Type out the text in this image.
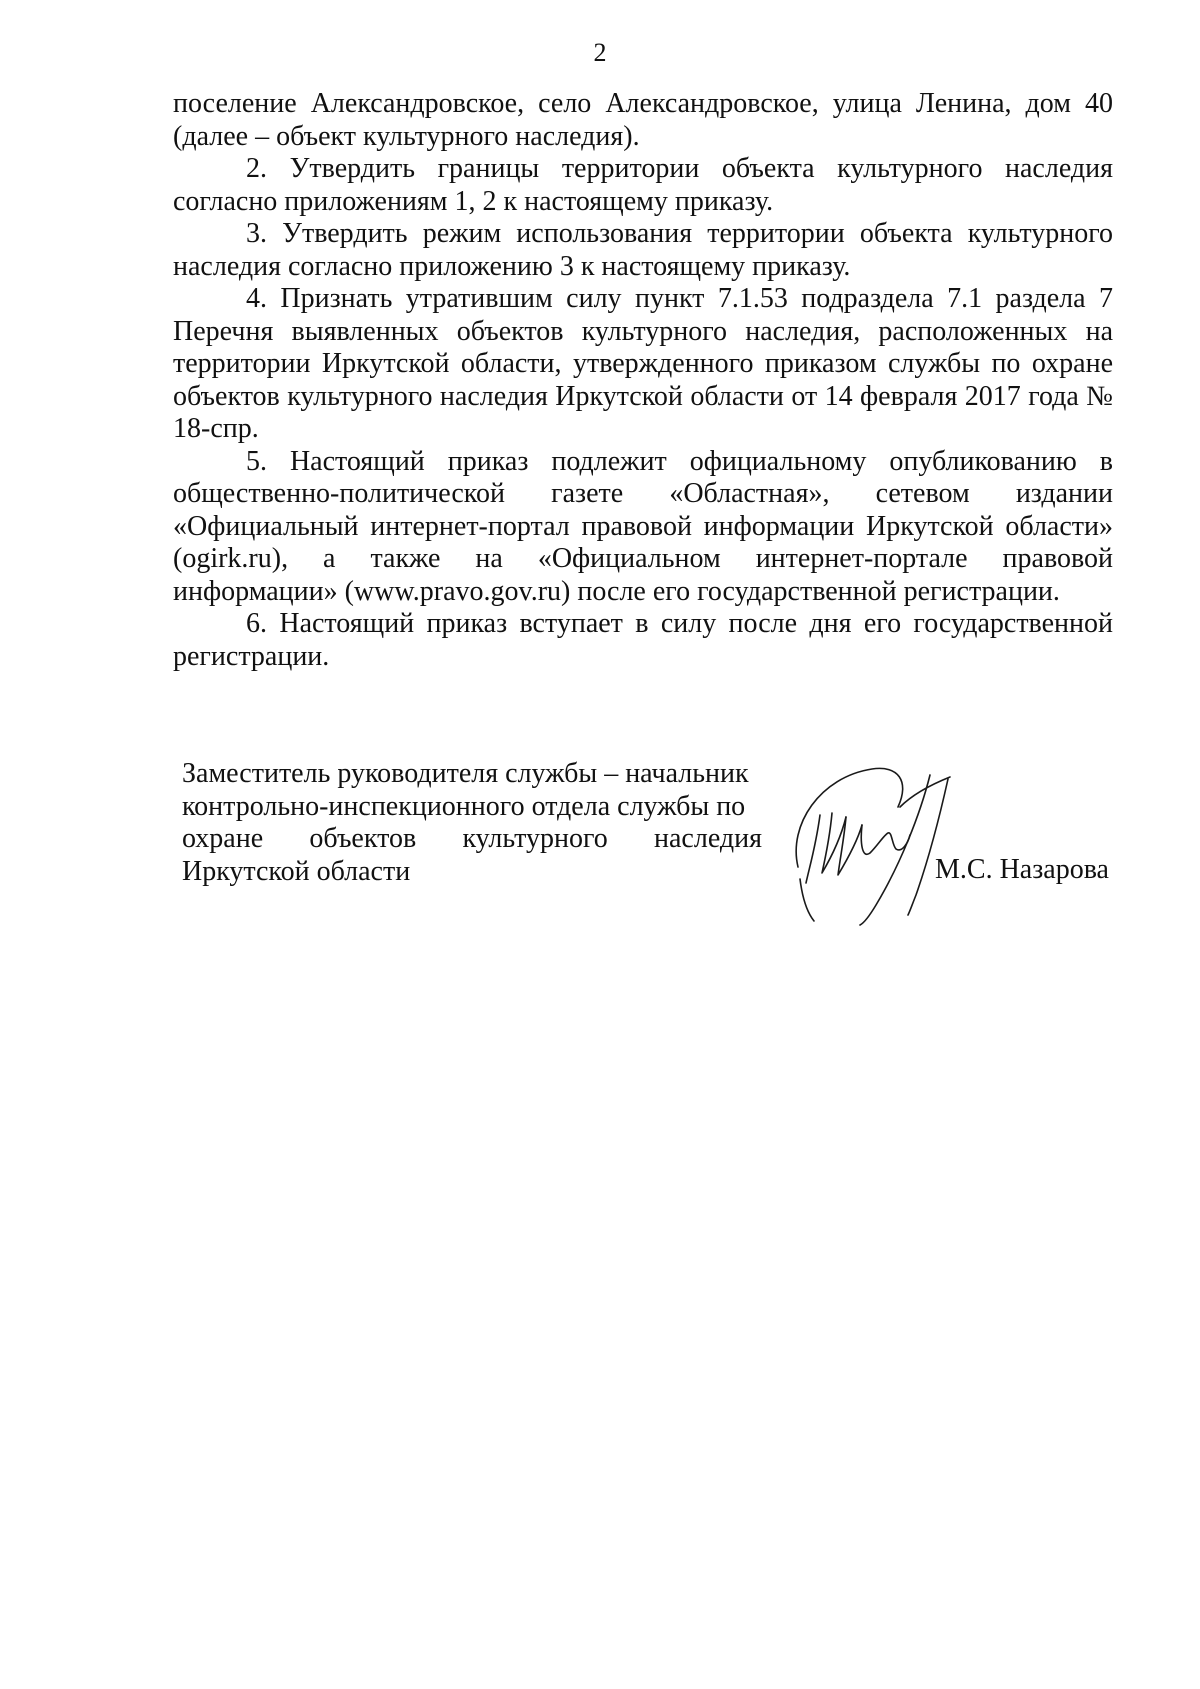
2

поселение Александровское, село Александровское, улица Ленина, дом 40 (далее – объект культурного наследия).

2. Утвердить границы территории объекта культурного наследия согласно приложениям 1, 2 к настоящему приказу.

3. Утвердить режим использования территории объекта культурного наследия согласно приложению 3 к настоящему приказу.

4. Признать утратившим силу пункт 7.1.53 подраздела 7.1 раздела 7 Перечня выявленных объектов культурного наследия, расположенных на территории Иркутской области, утвержденного приказом службы по охране объектов культурного наследия Иркутской области от 14 февраля 2017 года № 18-спр.

5. Настоящий приказ подлежит официальному опубликованию в общественно-политической газете «Областная», сетевом издании «Официальный интернет-портал правовой информации Иркутской области» (ogirk.ru), а также на «Официальном интернет-портале правовой информации» (www.pravo.gov.ru) после его государственной регистрации.

6. Настоящий приказ вступает в силу после дня его государственной регистрации.

Заместитель руководителя службы – начальник

контрольно-инспекционного отдела службы по

охране объектов культурного наследия

Иркутской области	М.С. Назарова
